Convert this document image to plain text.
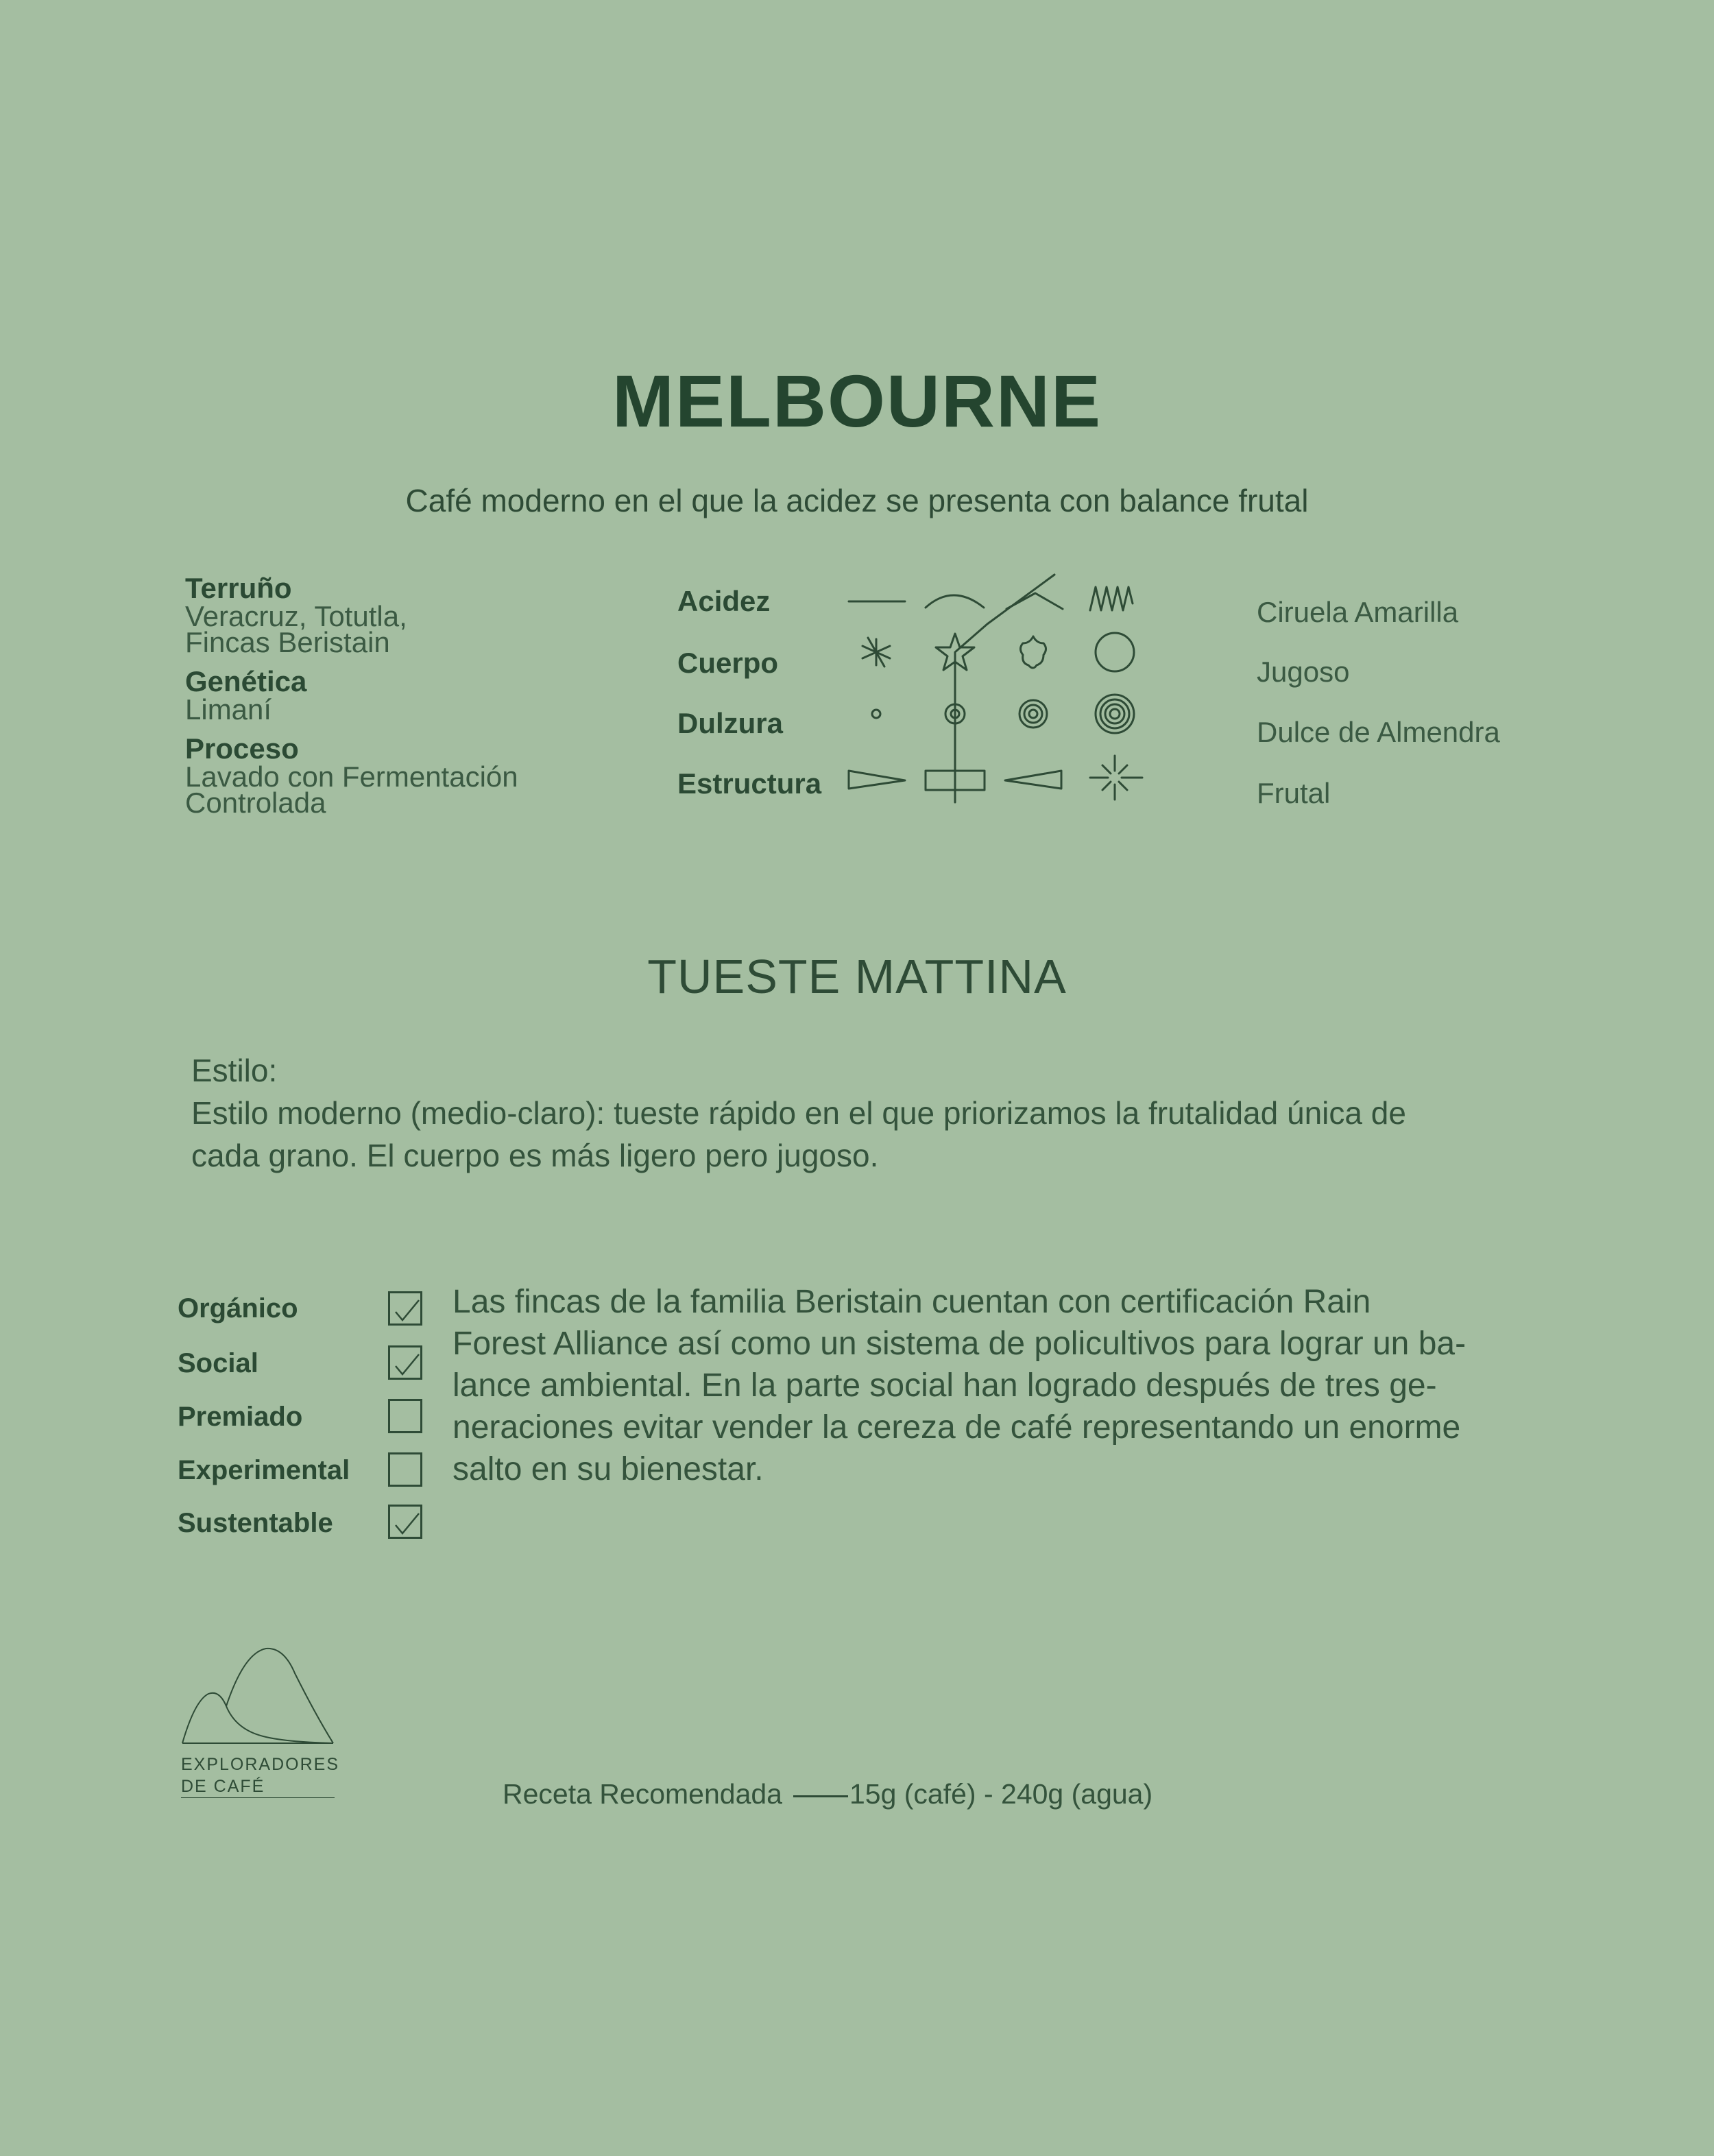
MELBOURNE
Café moderno en el que la acidez se presenta con balance frutal
Terruño
Veracruz, Totutla,
Fincas Beristain
Genética
Limaní
Proceso
Lavado con Fermentación
Controlada
Acidez
Cuerpo
Dulzura
Estructura
Ciruela Amarilla
Jugoso
Dulce de Almendra
Frutal
TUESTE MATTINA
Estilo:
Estilo moderno (medio-claro): tueste rápido en el que priorizamos la frutalidad única de
cada grano. El cuerpo es más ligero pero jugoso.
Orgánico
Social
Premiado
Experimental
Sustentable
Las fincas de la familia Beristain cuentan con certificación Rain
Forest Alliance así como un sistema de policultivos para lograr un ba-
lance ambiental. En la parte social han logrado después de tres ge-
neraciones evitar vender la cereza de café representando un enorme
salto en su bienestar.
EXPLORADORES
DE CAFÉ	Receta Recomendada 15g (café) - 240g (agua)
